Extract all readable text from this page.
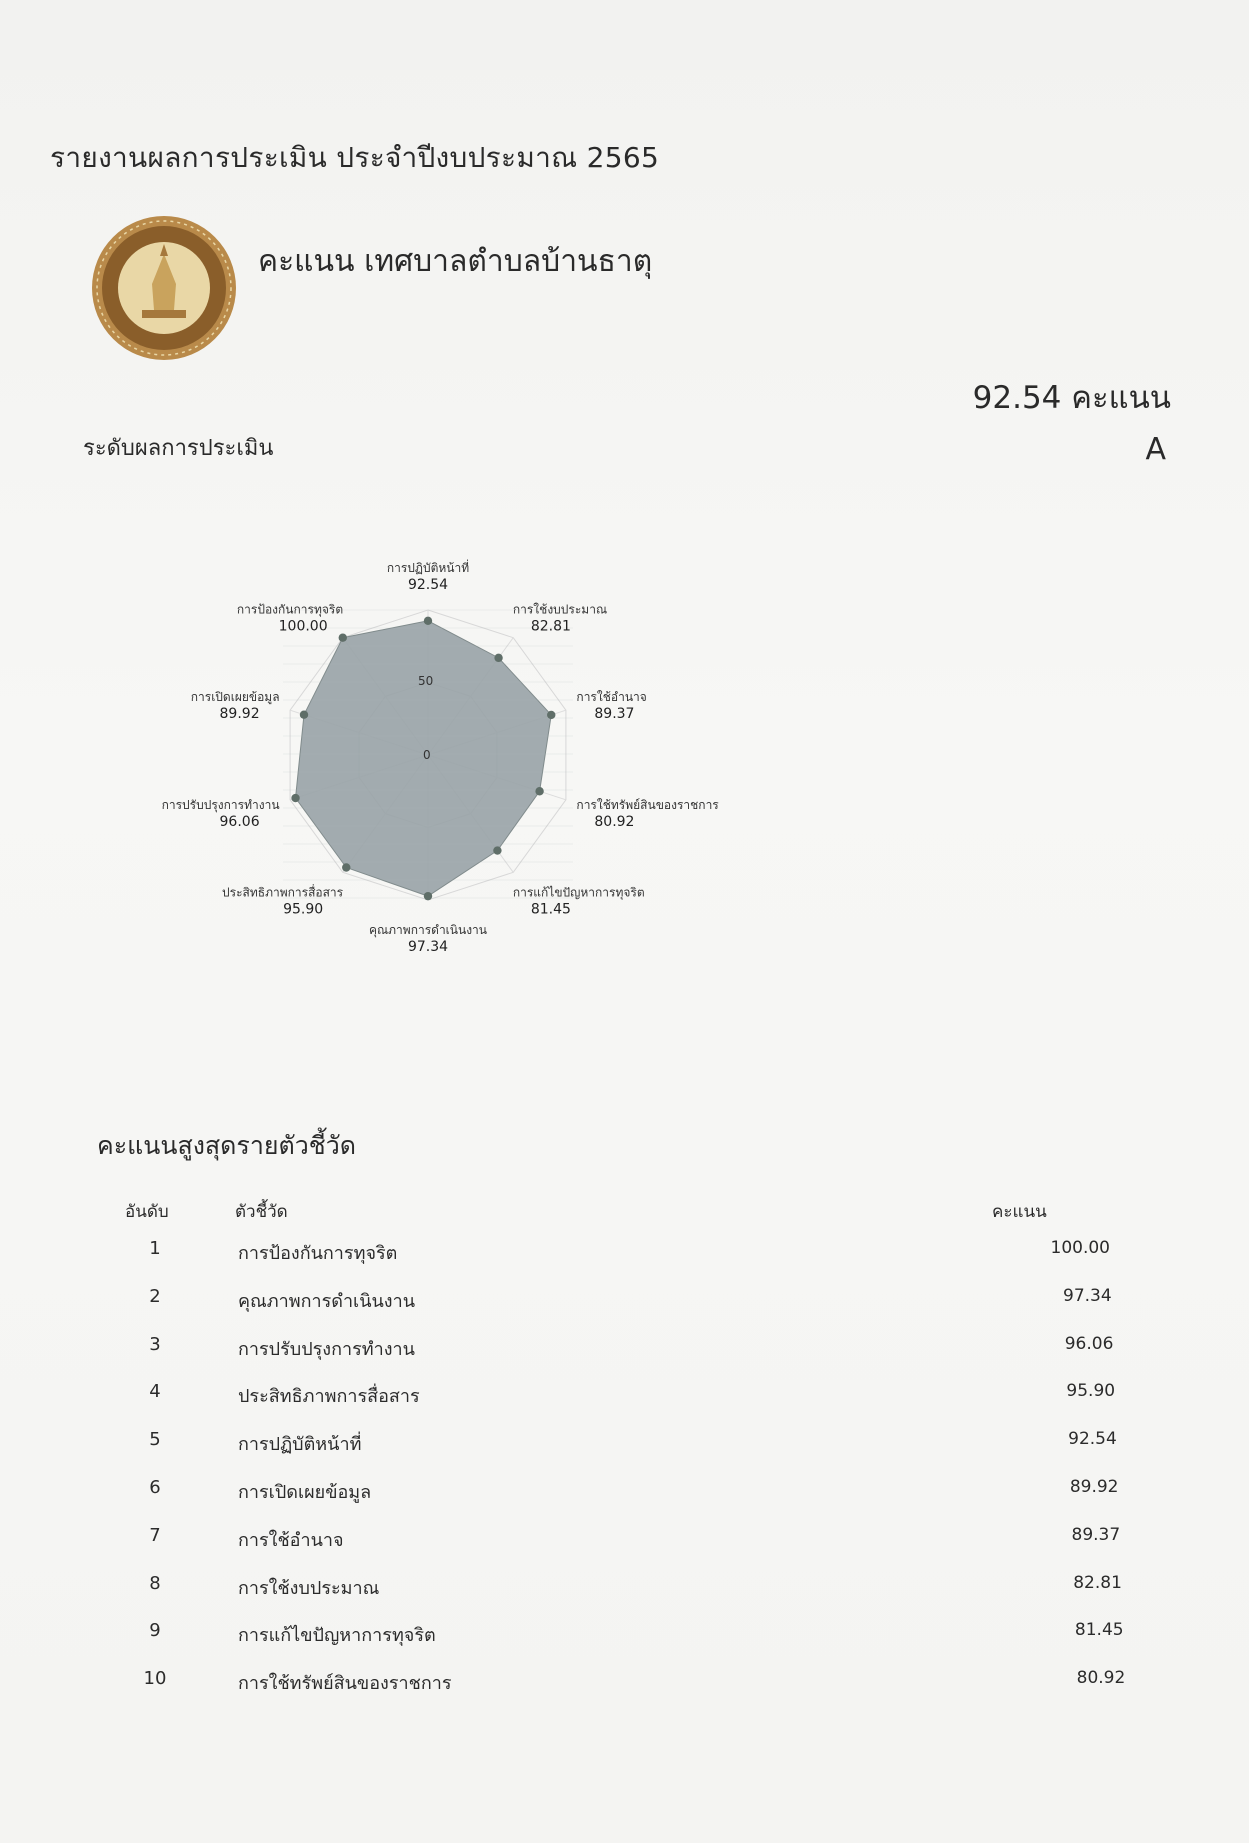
รายงานผลการประเมิน ประจำปีงบประมาณ 2565
คะแนน เทศบาลตำบลบ้านธาตุ
92.54 คะแนน
ระดับผลการประเมิน	A
50
0
การปฏิบัติหน้าที่
92.54
การใช้งบประมาณ
82.81
การใช้อำนาจ
89.37
การใช้ทรัพย์สินของราชการ
80.92
การแก้ไขปัญหาการทุจริต
81.45
คุณภาพการดำเนินงาน
97.34
ประสิทธิภาพการสื่อสาร
95.90
การปรับปรุงการทำงาน
96.06
การเปิดเผยข้อมูล
89.92
การป้องกันการทุจริต
100.00
คะแนนสูงสุดรายตัวชี้วัด
อันดับ	ตัวชี้วัด	คะแนน
1	การป้องกันการทุจริต	100.00
2	คุณภาพการดำเนินงาน	97.34
3	การปรับปรุงการทำงาน	96.06
4	ประสิทธิภาพการสื่อสาร	95.90
5	การปฏิบัติหน้าที่	92.54
6	การเปิดเผยข้อมูล	89.92
7	การใช้อำนาจ	89.37
8	การใช้งบประมาณ	82.81
9	การแก้ไขปัญหาการทุจริต	81.45
10	การใช้ทรัพย์สินของราชการ	80.92
